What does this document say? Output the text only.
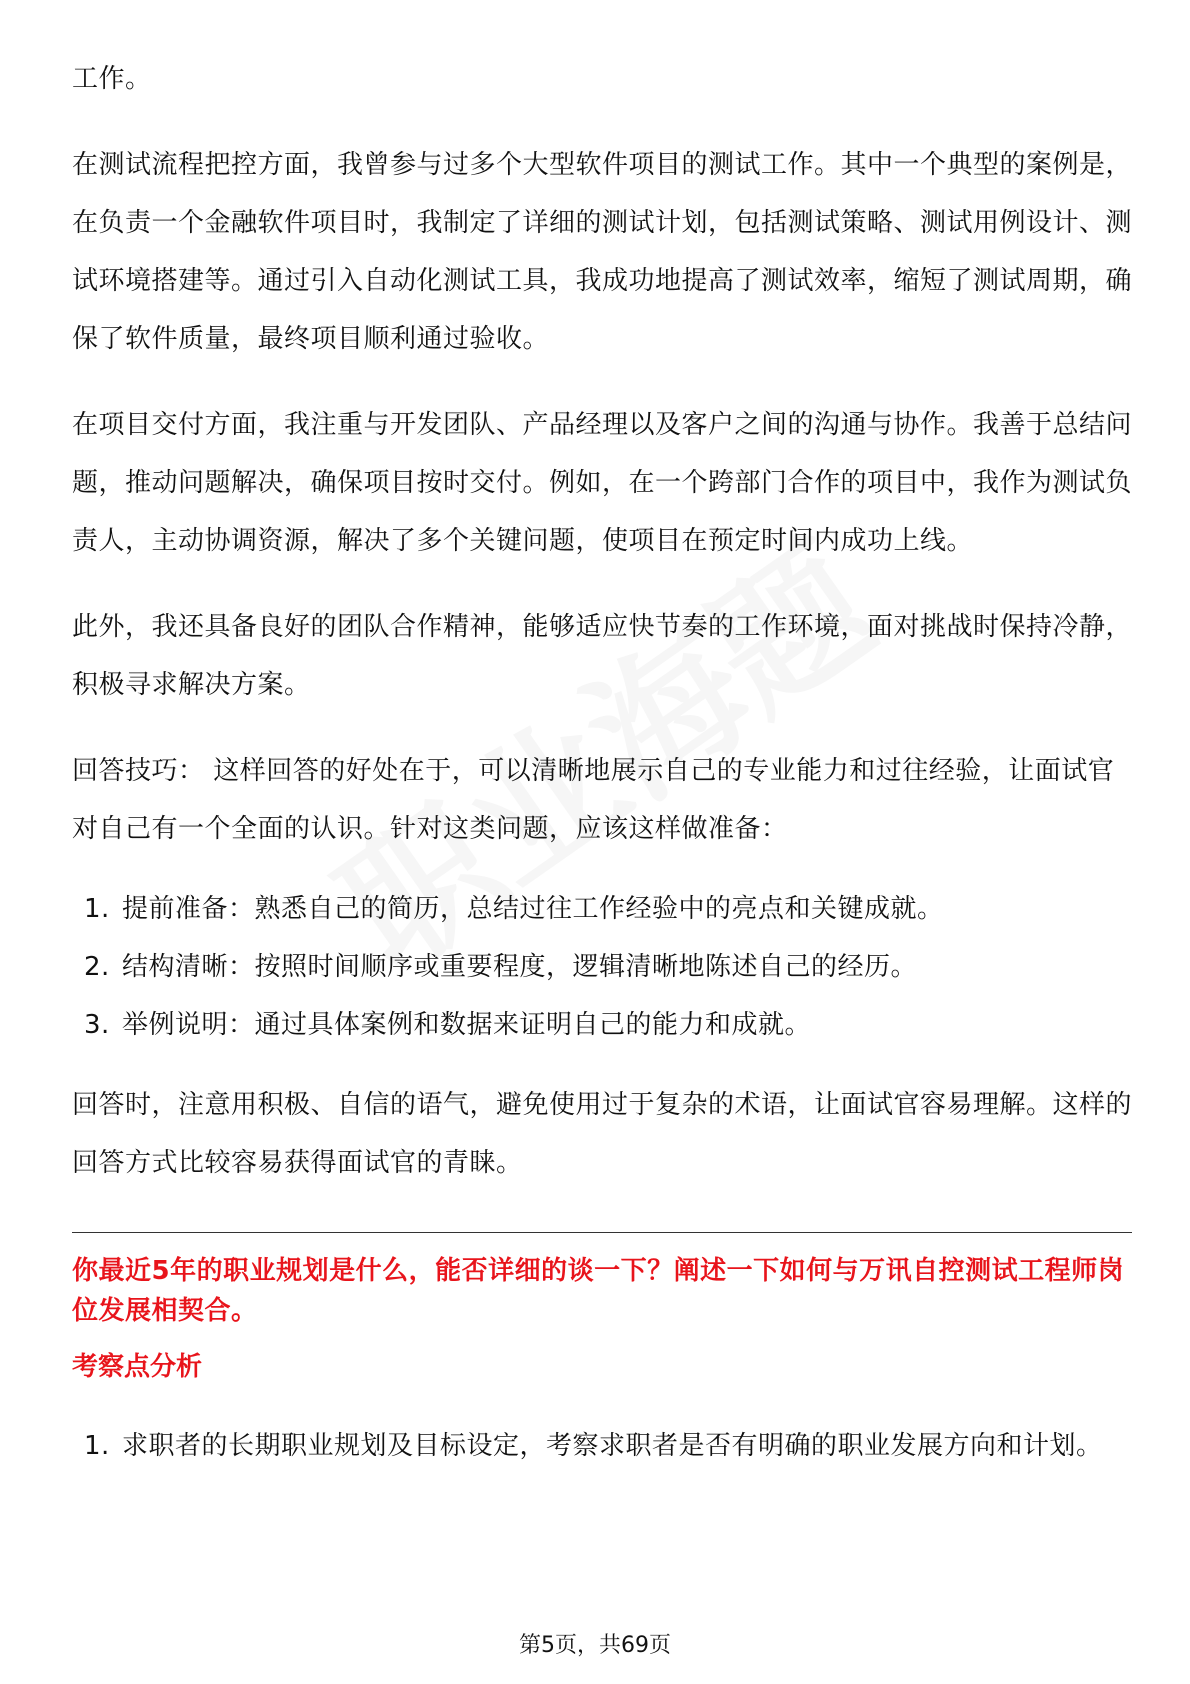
工作。

在测试流程把控方面，我曾参与过多个大型软件项目的测试工作。其中一个典型的案例是，在负责一个金融软件项目时，我制定了详细的测试计划，包括测试策略、测试用例设计、测试环境搭建等。通过引入自动化测试工具，我成功地提高了测试效率，缩短了测试周期，确保了软件质量，最终项目顺利通过验收。

在项目交付方面，我注重与开发团队、产品经理以及客户之间的沟通与协作。我善于总结问题，推动问题解决，确保项目按时交付。例如，在一个跨部门合作的项目中，我作为测试负责人，主动协调资源，解决了多个关键问题，使项目在预定时间内成功上线。

此外，我还具备良好的团队合作精神，能够适应快节奏的工作环境，面对挑战时保持冷静，积极寻求解决方案。

回答技巧： 这样回答的好处在于，可以清晰地展示自己的专业能力和过往经验，让面试官对自己有一个全面的认识。针对这类问题，应该这样做准备：

1. 提前准备：熟悉自己的简历，总结过往工作经验中的亮点和关键成就。
2. 结构清晰：按照时间顺序或重要程度，逻辑清晰地陈述自己的经历。
3. 举例说明：通过具体案例和数据来证明自己的能力和成就。

回答时，注意用积极、自信的语气，避免使用过于复杂的术语，让面试官容易理解。这样的回答方式比较容易获得面试官的青睐。

你最近5年的职业规划是什么，能否详细的谈一下？阐述一下如何与万讯自控测试工程师岗位发展相契合。

考察点分析

1. 求职者的长期职业规划及目标设定，考察求职者是否有明确的职业发展方向和计划。
第5页，共69页
